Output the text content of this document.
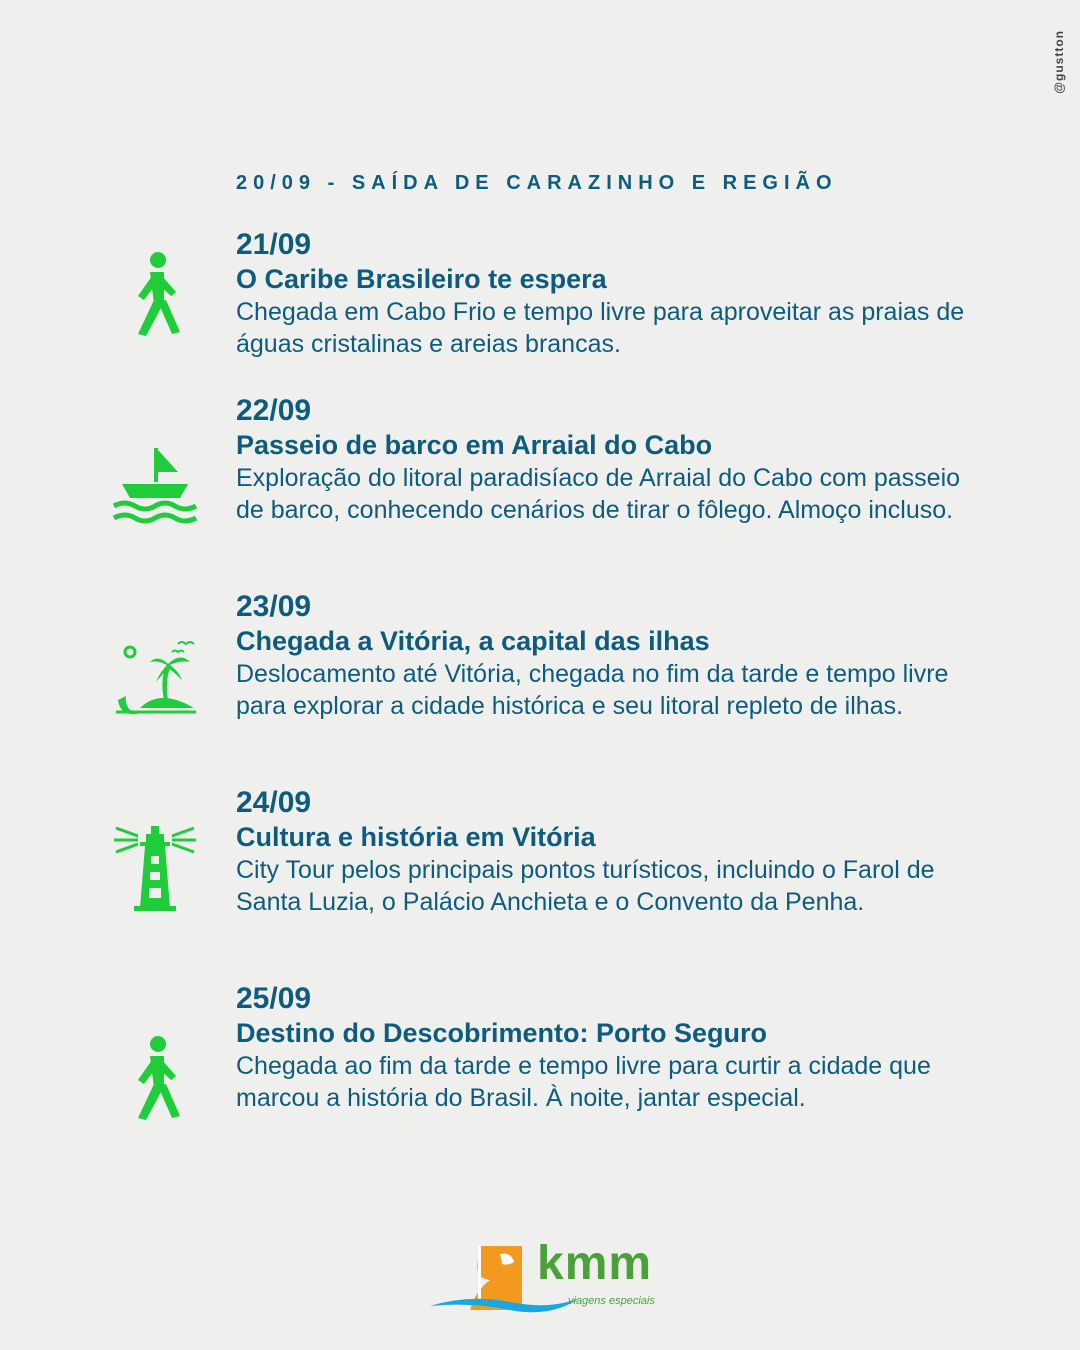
@gustton
20/09 - SAÍDA DE CARAZINHO E REGIÃO
21/09
O Caribe Brasileiro te espera
Chegada em Cabo Frio e tempo livre para aproveitar as praias de águas cristalinas e areias brancas.
22/09
Passeio de barco em Arraial do Cabo
Exploração do litoral paradisíaco de Arraial do Cabo com passeio de barco, conhecendo cenários de tirar o fôlego. Almoço incluso.
23/09
Chegada a Vitória, a capital das ilhas
Deslocamento até Vitória, chegada no fim da tarde e tempo livre para explorar a cidade histórica e seu litoral repleto de ilhas.
24/09
Cultura e história em Vitória
City Tour pelos principais pontos turísticos, incluindo o Farol de Santa Luzia, o Palácio Anchieta e o Convento da Penha.
25/09
Destino do Descobrimento: Porto Seguro
Chegada ao fim da tarde e tempo livre para curtir a cidade que marcou a história do Brasil. À noite, jantar especial.
kmm
viagens especiais
